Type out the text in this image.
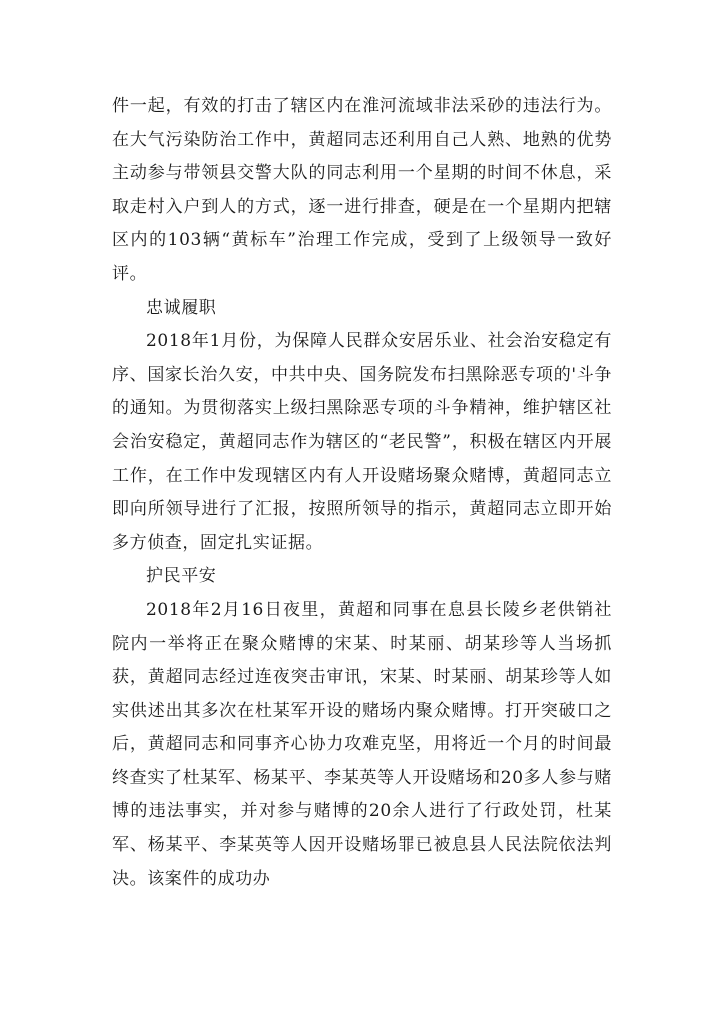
件一起，有效的打击了辖区内在淮河流域非法采砂的违法行为。在大气污染防治工作中，黄超同志还利用自己人熟、地熟的优势主动参与带领县交警大队的同志利用一个星期的时间不休息，采取走村入户到人的方式，逐一进行排查，硬是在一个星期内把辖区内的103辆“黄标车”治理工作完成，受到了上级领导一致好评。

忠诚履职

2018年1月份，为保障人民群众安居乐业、社会治安稳定有序、国家长治久安，中共中央、国务院发布扫黑除恶专项的'斗争的通知。为贯彻落实上级扫黑除恶专项的斗争精神，维护辖区社会治安稳定，黄超同志作为辖区的“老民警”，积极在辖区内开展工作，在工作中发现辖区内有人开设赌场聚众赌博，黄超同志立即向所领导进行了汇报，按照所领导的指示，黄超同志立即开始多方侦查，固定扎实证据。

护民平安

2018年2月16日夜里，黄超和同事在息县长陵乡老供销社院内一举将正在聚众赌博的宋某、时某丽、胡某珍等人当场抓获，黄超同志经过连夜突击审讯，宋某、时某丽、胡某珍等人如实供述出其多次在杜某军开设的赌场内聚众赌博。打开突破口之后，黄超同志和同事齐心协力攻难克坚，用将近一个月的时间最终查实了杜某军、杨某平、李某英等人开设赌场和20多人参与赌博的违法事实，并对参与赌博的20余人进行了行政处罚，杜某军、杨某平、李某英等人因开设赌场罪已被息县人民法院依法判决。该案件的成功办
